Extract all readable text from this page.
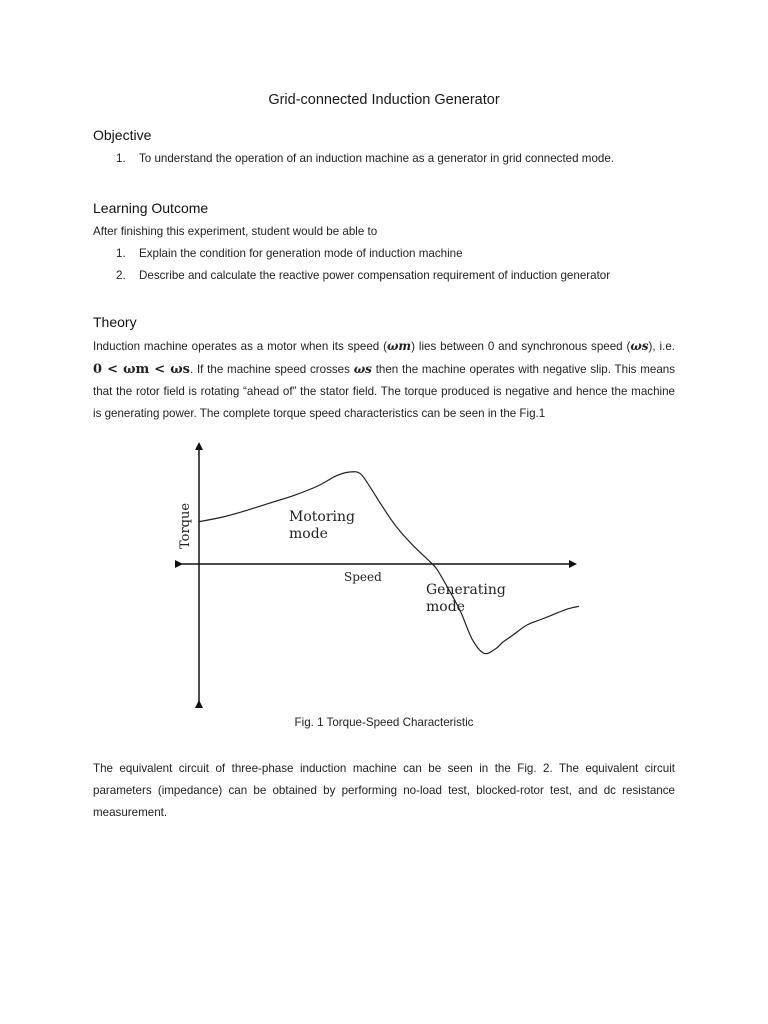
Grid-connected Induction Generator
Objective
1. To understand the operation of an induction machine as a generator in grid connected mode.
Learning Outcome
After finishing this experiment, student would be able to
1. Explain the condition for generation mode of induction machine
2. Describe and calculate the reactive power compensation requirement of induction generator
Theory
Induction machine operates as a motor when its speed (ωm) lies between 0 and synchronous speed (ωs), i.e. 0 < ωm < ωs. If the machine speed crosses ωs then the machine operates with negative slip. This means that the rotor field is rotating “ahead of” the stator field. The torque produced is negative and hence the machine is generating power. The complete torque speed characteristics can be seen in the Fig.1
Torque
Speed
Motoring
mode
Generating
mode
Fig. 1 Torque-Speed Characteristic
The equivalent circuit of three-phase induction machine can be seen in the Fig. 2. The equivalent circuit parameters (impedance) can be obtained by performing no-load test, blocked-rotor test, and dc resistance measurement.
